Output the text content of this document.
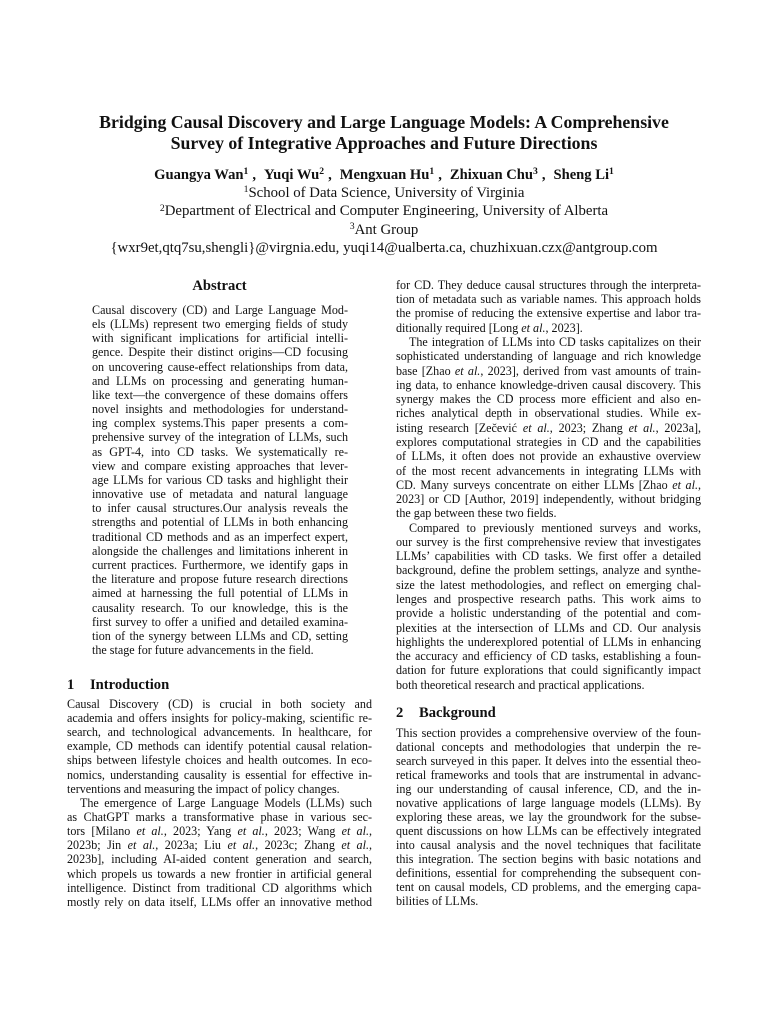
Bridging Causal Discovery and Large Language Models: A Comprehensive
Survey of Integrative Approaches and Future Directions
Guangya Wan$^1$ , Yuqi Wu$^2$ , Mengxuan Hu$^1$ , Zhixuan Chu$^3$ , Sheng Li$^1$
$^1$School of Data Science, University of Virginia
$^2$Department of Electrical and Computer Engineering, University of Alberta
$^3$Ant Group
{wxr9et,qtq7su,shengli}@virgnia.edu, yuqi14@ualberta.ca, chuzhixuan.czx@antgroup.com
Abstract
Causal discovery (CD) and Large Language Mod-
els (LLMs) represent two emerging fields of study
with significant implications for artificial intelli-
gence. Despite their distinct origins—CD focusing
on uncovering cause-effect relationships from data,
and LLMs on processing and generating human-
like text—the convergence of these domains offers
novel insights and methodologies for understand-
ing complex systems.This paper presents a com-
prehensive survey of the integration of LLMs, such
as GPT-4, into CD tasks. We systematically re-
view and compare existing approaches that lever-
age LLMs for various CD tasks and highlight their
innovative use of metadata and natural language
to infer causal structures.Our analysis reveals the
strengths and potential of LLMs in both enhancing
traditional CD methods and as an imperfect expert,
alongside the challenges and limitations inherent in
current practices. Furthermore, we identify gaps in
the literature and propose future research directions
aimed at harnessing the full potential of LLMs in
causality research. To our knowledge, this is the
first survey to offer a unified and detailed examina-
tion of the synergy between LLMs and CD, setting
the stage for future advancements in the field.
1 Introduction
Causal Discovery (CD) is crucial in both society and
academia and offers insights for policy-making, scientific re-
search, and technological advancements. In healthcare, for
example, CD methods can identify potential causal relation-
ships between lifestyle choices and health outcomes. In eco-
nomics, understanding causality is essential for effective in-
terventions and measuring the impact of policy changes.
The emergence of Large Language Models (LLMs) such
as ChatGPT marks a transformative phase in various sec-
tors [Milano et al., 2023; Yang et al., 2023; Wang et al.,
2023b; Jin et al., 2023a; Liu et al., 2023c; Zhang et al.,
2023b], including AI-aided content generation and search,
which propels us towards a new frontier in artificial general
intelligence. Distinct from traditional CD algorithms which
mostly rely on data itself, LLMs offer an innovative method
for CD. They deduce causal structures through the interpreta-
tion of metadata such as variable names. This approach holds
the promise of reducing the extensive expertise and labor tra-
ditionally required [Long et al., 2023].
The integration of LLMs into CD tasks capitalizes on their
sophisticated understanding of language and rich knowledge
base [Zhao et al., 2023], derived from vast amounts of train-
ing data, to enhance knowledge-driven causal discovery. This
synergy makes the CD process more efficient and also en-
riches analytical depth in observational studies. While ex-
isting research [Zečević et al., 2023; Zhang et al., 2023a],
explores computational strategies in CD and the capabilities
of LLMs, it often does not provide an exhaustive overview
of the most recent advancements in integrating LLMs with
CD. Many surveys concentrate on either LLMs [Zhao et al.,
2023] or CD [Author, 2019] independently, without bridging
the gap between these two fields.
Compared to previously mentioned surveys and works,
our survey is the first comprehensive review that investigates
LLMs’ capabilities with CD tasks. We first offer a detailed
background, define the problem settings, analyze and synthe-
size the latest methodologies, and reflect on emerging chal-
lenges and prospective research paths. This work aims to
provide a holistic understanding of the potential and com-
plexities at the intersection of LLMs and CD. Our analysis
highlights the underexplored potential of LLMs in enhancing
the accuracy and efficiency of CD tasks, establishing a foun-
dation for future explorations that could significantly impact
both theoretical research and practical applications.
2 Background
This section provides a comprehensive overview of the foun-
dational concepts and methodologies that underpin the re-
search surveyed in this paper. It delves into the essential theo-
retical frameworks and tools that are instrumental in advanc-
ing our understanding of causal inference, CD, and the in-
novative applications of large language models (LLMs). By
exploring these areas, we lay the groundwork for the subse-
quent discussions on how LLMs can be effectively integrated
into causal analysis and the novel techniques that facilitate
this integration. The section begins with basic notations and
definitions, essential for comprehending the subsequent con-
tent on causal models, CD problems, and the emerging capa-
bilities of LLMs.
